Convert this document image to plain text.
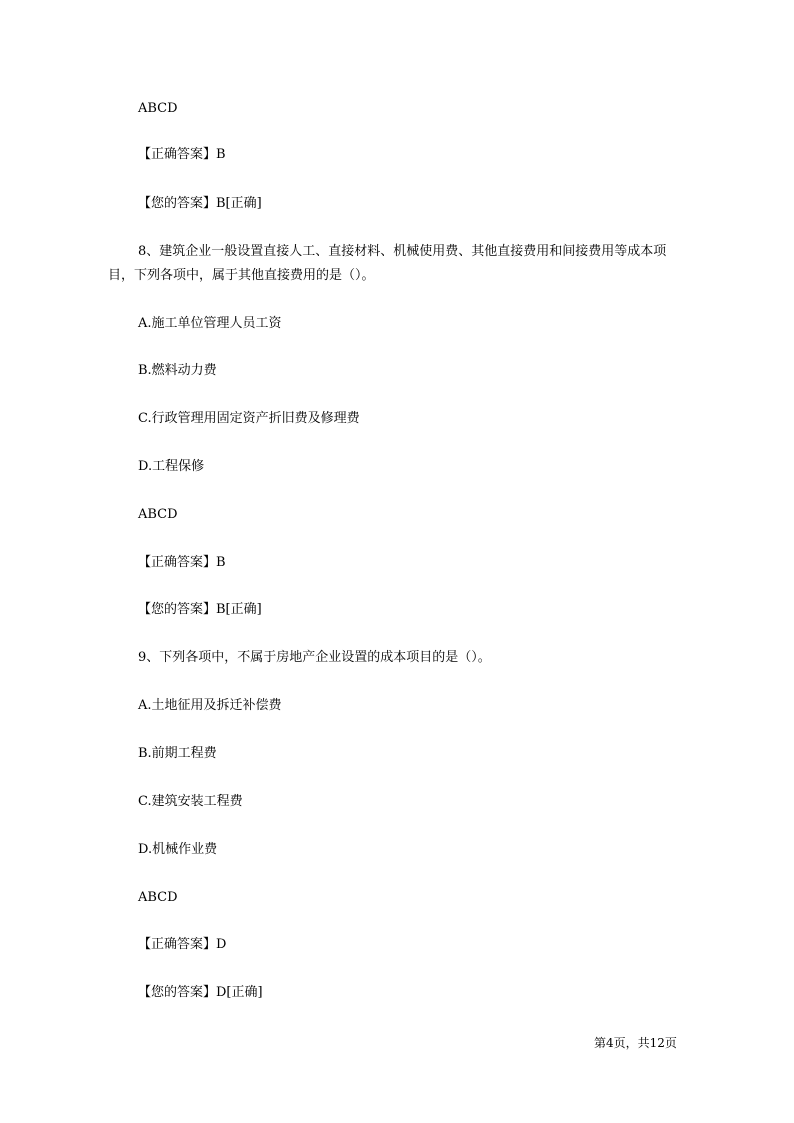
ABCD
【正确答案】B
【您的答案】B[正确]
8、建筑企业一般设置直接人工、直接材料、机械使用费、其他直接费用和间接费用等成本项目，下列各项中，属于其他直接费用的是（）。
A.施工单位管理人员工资
B.燃料动力费
C.行政管理用固定资产折旧费及修理费
D.工程保修
ABCD
【正确答案】B
【您的答案】B[正确]
9、下列各项中，不属于房地产企业设置的成本项目的是（）。
A.土地征用及拆迁补偿费
B.前期工程费
C.建筑安装工程费
D.机械作业费
ABCD
【正确答案】D
【您的答案】D[正确]
第4页，共12页
